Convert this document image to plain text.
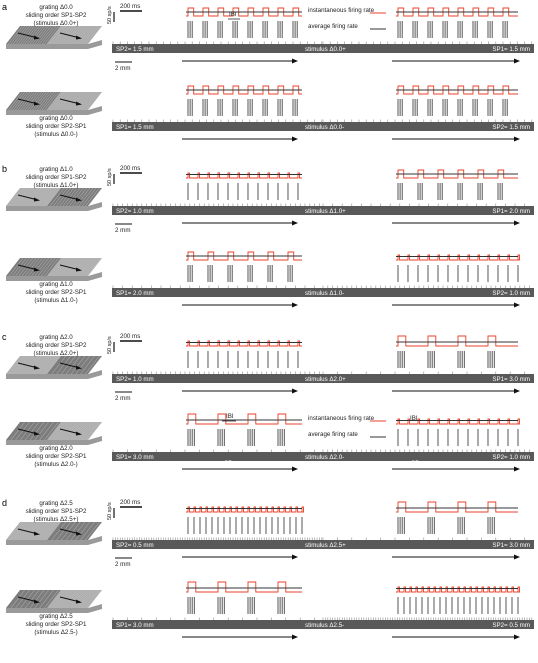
a	grating Δ0.0
sliding order SP1-SP2
(stimulus Δ0.0+)
SP2= 1.5 mm	stimulus Δ0.0+	SP1= 1.5 mm
200 ms
50 sp/s
2 mm
instantaneous firing rate
average firing rate
IBI
grating Δ0.0
sliding order SP2-SP1
(stimulus Δ0.0-)
SP1= 1.5 mm	stimulus Δ0.0-	SP2= 1.5 mm
b	grating Δ1.0
sliding order SP1-SP2
(stimulus Δ1.0+)
SP2= 1.0 mm	stimulus Δ1.0+	SP1= 2.0 mm
200 ms
50 sp/s
2 mm
grating Δ1.0
sliding order SP2-SP1
(stimulus Δ1.0-)
SP1= 2.0 mm	stimulus Δ1.0-	SP2= 1.0 mm
c	grating Δ2.0
sliding order SP1-SP2
(stimulus Δ2.0+)
SP2= 1.0 mm	stimulus Δ2.0+	SP1= 3.0 mm
200 ms
50 sp/s
2 mm
grating Δ2.0
sliding order SP2-SP1
(stimulus Δ2.0-)
SP1= 3.0 mm	stimulus Δ2.0-	SP2= 1.0 mm
instantaneous firing rate
average firing rate
IBI
SP
IBI
SP
d	grating Δ2.5
sliding order SP1-SP2
(stimulus Δ2.5+)
SP2= 0.5 mm	stimulus Δ2.5+	SP1= 3.0 mm
200 ms
50 sp/s
2 mm
grating Δ2.5
sliding order SP2-SP1
(stimulus Δ2.5-)
SP1= 3.0 mm	stimulus Δ2.5-	SP2= 0.5 mm
